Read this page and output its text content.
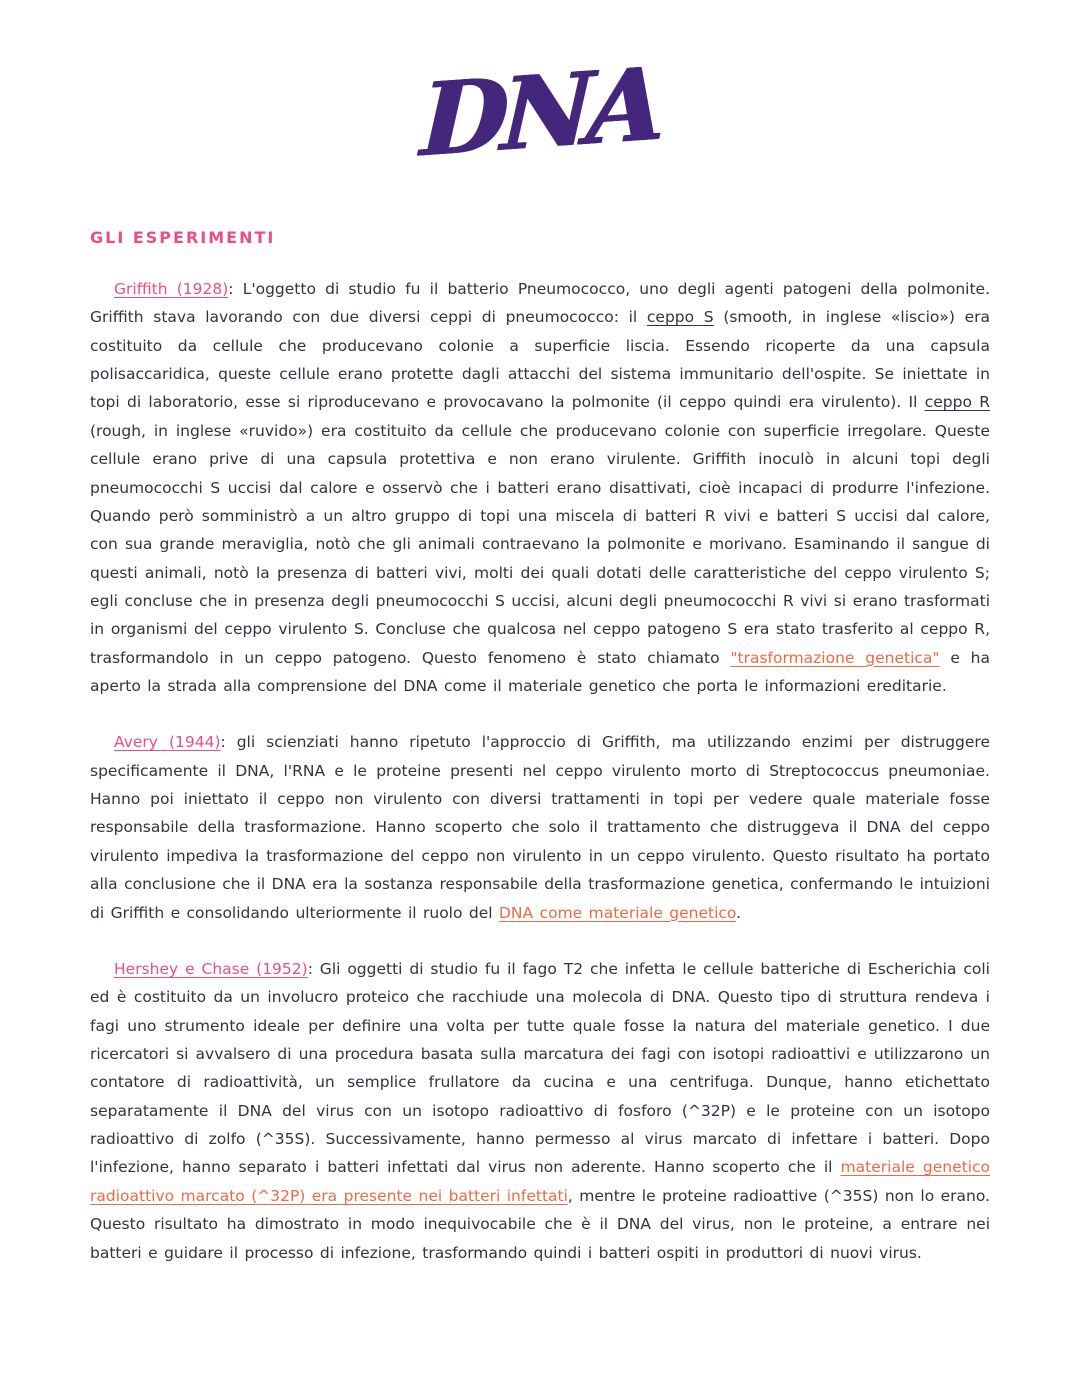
DNA
GLI ESPERIMENTI

Griffith (1928): L'oggetto di studio fu il batterio Pneumococco, uno degli agenti patogeni della polmonite. Griffith stava lavorando con due diversi ceppi di pneumococco: il ceppo S (smooth, in inglese «liscio») era costituito da cellule che producevano colonie a superficie liscia. Essendo ricoperte da una capsula polisaccaridica, queste cellule erano protette dagli attacchi del sistema immunitario dell'ospite. Se iniettate in topi di laboratorio, esse si riproducevano e provocavano la polmonite (il ceppo quindi era virulento). Il ceppo R (rough, in inglese «ruvido») era costituito da cellule che producevano colonie con superficie irregolare. Queste cellule erano prive di una capsula protettiva e non erano virulente. Griffith inoculò in alcuni topi degli pneumococchi S uccisi dal calore e osservò che i batteri erano disattivati, cioè incapaci di produrre l'infezione. Quando però somministrò a un altro gruppo di topi una miscela di batteri R vivi e batteri S uccisi dal calore, con sua grande meraviglia, notò che gli animali contraevano la polmonite e morivano. Esaminando il sangue di questi animali, notò la presenza di batteri vivi, molti dei quali dotati delle caratteristiche del ceppo virulento S; egli concluse che in presenza degli pneumococchi S uccisi, alcuni degli pneumococchi R vivi si erano trasformati in organismi del ceppo virulento S. Concluse che qualcosa nel ceppo patogeno S era stato trasferito al ceppo R, trasformandolo in un ceppo patogeno. Questo fenomeno è stato chiamato "trasformazione genetica" e ha aperto la strada alla comprensione del DNA come il materiale genetico che porta le informazioni ereditarie.

Avery (1944): gli scienziati hanno ripetuto l'approccio di Griffith, ma utilizzando enzimi per distruggere specificamente il DNA, l'RNA e le proteine presenti nel ceppo virulento morto di Streptococcus pneumoniae. Hanno poi iniettato il ceppo non virulento con diversi trattamenti in topi per vedere quale materiale fosse responsabile della trasformazione. Hanno scoperto che solo il trattamento che distruggeva il DNA del ceppo virulento impediva la trasformazione del ceppo non virulento in un ceppo virulento. Questo risultato ha portato alla conclusione che il DNA era la sostanza responsabile della trasformazione genetica, confermando le intuizioni di Griffith e consolidando ulteriormente il ruolo del DNA come materiale genetico.

Hershey e Chase (1952): Gli oggetti di studio fu il fago T2 che infetta le cellule batteriche di Escherichia coli ed è costituito da un involucro proteico che racchiude una molecola di DNA. Questo tipo di struttura rendeva i fagi uno strumento ideale per definire una volta per tutte quale fosse la natura del materiale genetico. I due ricercatori si avvalsero di una procedura basata sulla marcatura dei fagi con isotopi radioattivi e utilizzarono un contatore di radioattività, un semplice frullatore da cucina e una centrifuga. Dunque, hanno etichettato separatamente il DNA del virus con un isotopo radioattivo di fosforo (^32P) e le proteine con un isotopo radioattivo di zolfo (^35S). Successivamente, hanno permesso al virus marcato di infettare i batteri. Dopo l'infezione, hanno separato i batteri infettati dal virus non aderente. Hanno scoperto che il materiale genetico radioattivo marcato (^32P) era presente nei batteri infettati, mentre le proteine radioattive (^35S) non lo erano. Questo risultato ha dimostrato in modo inequivocabile che è il DNA del virus, non le proteine, a entrare nei batteri e guidare il processo di infezione, trasformando quindi i batteri ospiti in produttori di nuovi virus.
